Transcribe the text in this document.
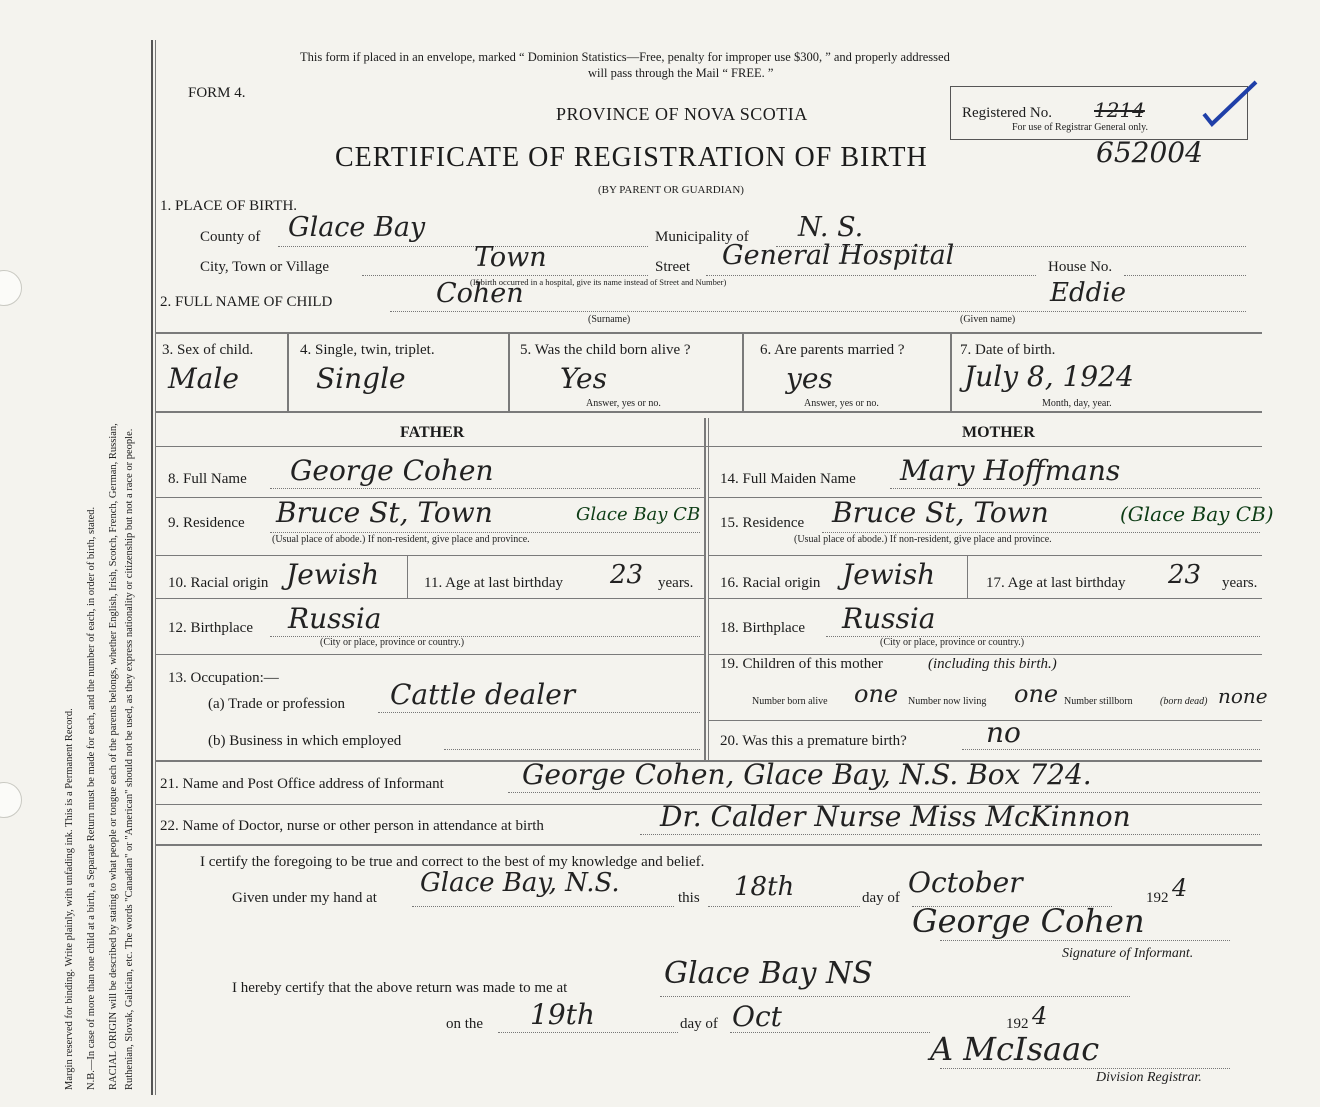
Margin reserved for binding. Write plainly, with unfading ink. This is a Permanent Record. N.B.—In case of more than one child at a birth, a Separate Return must be made for each, and the number of each, in order of birth, stated. RACIAL ORIGIN will be described by stating to what people or tongue each of the parents belongs, whether English, Irish, Scotch, French, German, Russian, Ruthenian, Slovak, Galician, etc. The words "Canadian" or "American" should not be used, as they express nationality or citizenship but not a race or people.
This form if placed in an envelope, marked “ Dominion Statistics—Free, penalty for improper use $300, ” and properly addressed
will pass through the Mail “ FREE. ”
FORM 4.
PROVINCE OF NOVA SCOTIA
CERTIFICATE OF REGISTRATION OF BIRTH
(BY PARENT OR GUARDIAN)
Registered No. 1214
For use of Registrar General only.
652004
1. PLACE OF BIRTH.
County of Glace Bay	Municipality of N. S.
City, Town or Village	Town	Street General Hospital	House No.
(If birth occurred in a hospital, give its name instead of Street and Number)
2. FULL NAME OF CHILD	Cohen	Eddie
(Surname)	(Given name)
3. Sex of child.
Male
4. Single, twin, triplet.
Single
5. Was the child born alive ?
Yes
Answer, yes or no.
6. Are parents married ?
yes
Answer, yes or no.
7. Date of birth.
July 8, 1924
Month, day, year.
FATHER	MOTHER
8. Full Name George Cohen
9. Residence Bruce St, Town	Glace Bay CB
(Usual place of abode.) If non-resident, give place and province.
10. Racial origin Jewish	11. Age at last birthday 23 years.
12. Birthplace Russia
(City or place, province or country.)
13. Occupation:—
(a) Trade or profession Cattle dealer
(b) Business in which employed
14. Full Maiden Name Mary Hoffmans
15. Residence Bruce St, Town	(Glace Bay CB)
(Usual place of abode.) If non-resident, give place and province.
16. Racial origin Jewish	17. Age at last birthday 23 years.
18. Birthplace Russia
(City or place, province or country.)
19. Children of this mother	(including this birth.)
Number born alive one Number now living one Number stillborn	(born dead) none
20. Was this a premature birth?	no
21. Name and Post Office address of Informant	George Cohen, Glace Bay, N.S. Box 724.
22. Name of Doctor, nurse or other person in attendance at birth	Dr. Calder Nurse Miss McKinnon
I certify the foregoing to be true and correct to the best of my knowledge and belief.
Given under my hand at Glace Bay, N.S.	this 18th	day of October	192 4
George Cohen
Signature of Informant.
I hereby certify that the above return was made to me at	Glace Bay NS
on the 19th	day of Oct	192 4
A McIsaac
Division Registrar.
